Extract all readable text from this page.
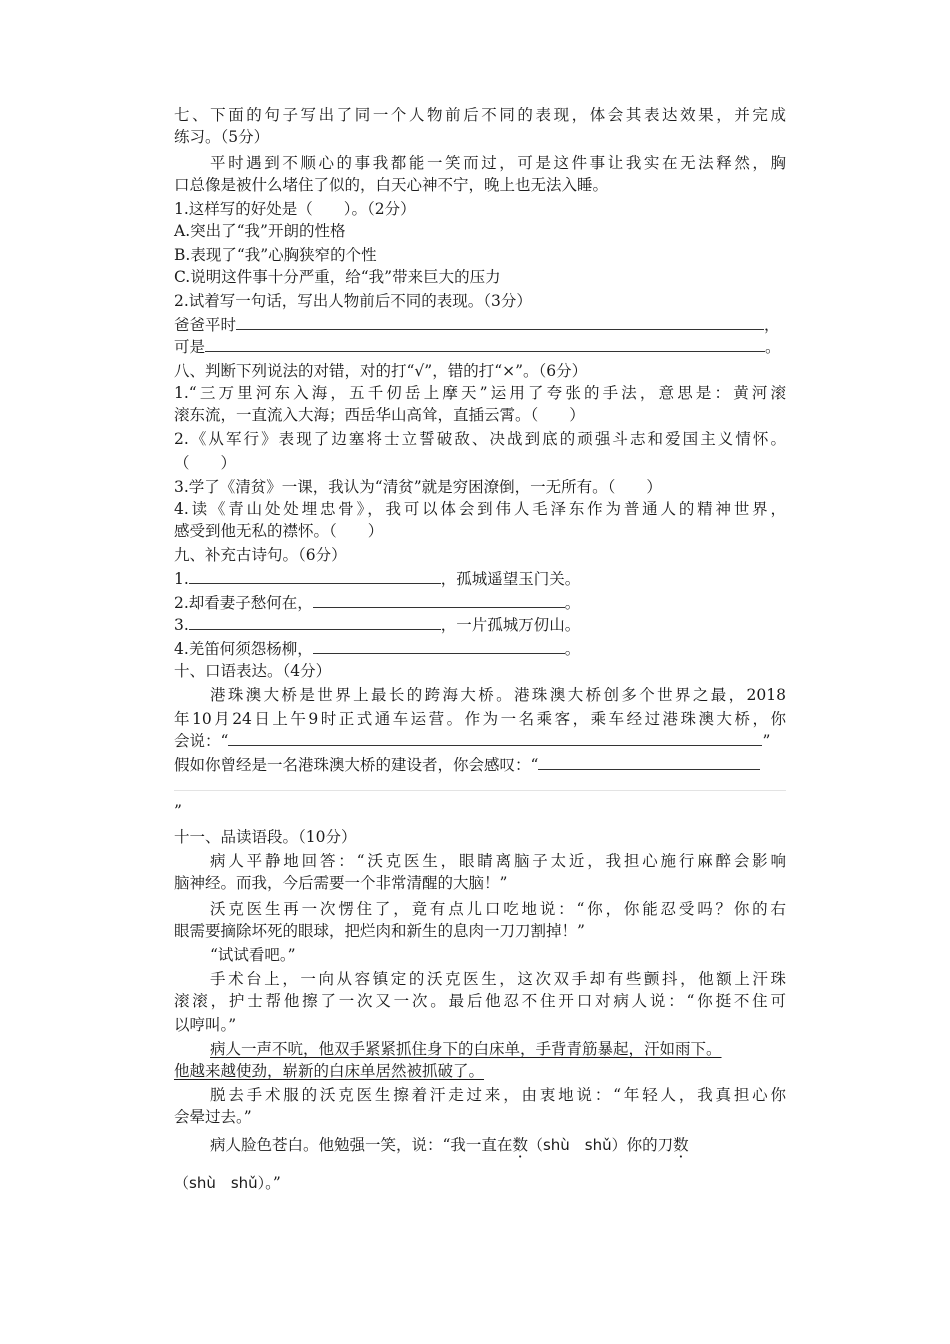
七、下面的句子写出了同一个人物前后不同的表现，体会其表达效果，并完成
练习。（5分）
平时遇到不顺心的事我都能一笑而过，可是这件事让我实在无法释然，胸
口总像是被什么堵住了似的，白天心神不宁，晚上也无法入睡。
1.这样写的好处是（　　）。（2分）
A.突出了“我”开朗的性格
B.表现了“我”心胸狭窄的个性
C.说明这件事十分严重，给“我”带来巨大的压力
2.试着写一句话，写出人物前后不同的表现。（3分）
爸爸平时	，
可是	。
八、判断下列说法的对错，对的打“√”，错的打“×”。（6分）
1.“三万里河东入海，五千仞岳上摩天”运用了夸张的手法，意思是：黄河滚
滚东流，一直流入大海；西岳华山高耸，直插云霄。（　　）
2.《从军行》表现了边塞将士立誓破敌、决战到底的顽强斗志和爱国主义情怀。
（　　）
3.学了《清贫》一课，我认为“清贫”就是穷困潦倒，一无所有。（　　）
4.读《青山处处埋忠骨》，我可以体会到伟人毛泽东作为普通人的精神世界，
感受到他无私的襟怀。（　　）
九、补充古诗句。（6分）
1.	，孤城遥望玉门关。
2.却看妻子愁何在，	。
3.	，一片孤城万仞山。
4.羌笛何须怨杨柳，	。
十、口语表达。（4分）
港珠澳大桥是世界上最长的跨海大桥。港珠澳大桥创多个世界之最，2018
年10月24日上午9时正式通车运营。作为一名乘客，乘车经过港珠澳大桥，你
会说：“	”
假如你曾经是一名港珠澳大桥的建设者，你会感叹：“
”
十一、品读语段。（10分）
病人平静地回答：“沃克医生，眼睛离脑子太近，我担心施行麻醉会影响
脑神经。而我，今后需要一个非常清醒的大脑！”
沃克医生再一次愣住了，竟有点儿口吃地说：“你，你能忍受吗？你的右
眼需要摘除坏死的眼球，把烂肉和新生的息肉一刀刀割掉！”
“试试看吧。”
手术台上，一向从容镇定的沃克医生，这次双手却有些颤抖，他额上汗珠
滚滚，护士帮他擦了一次又一次。最后他忍不住开口对病人说：“你挺不住可
以哼叫。”
病人一声不吭，他双手紧紧抓住身下的白床单，手背青筋暴起，汗如雨下。
他越来越使劲，崭新的白床单居然被抓破了。
脱去手术服的沃克医生擦着汗走过来，由衷地说：“年轻人，我真担心你
会晕过去。”
病人脸色苍白。他勉强一笑，说：“我一直在数（shù　shǔ）你的刀数
（shù　shǔ）。”
